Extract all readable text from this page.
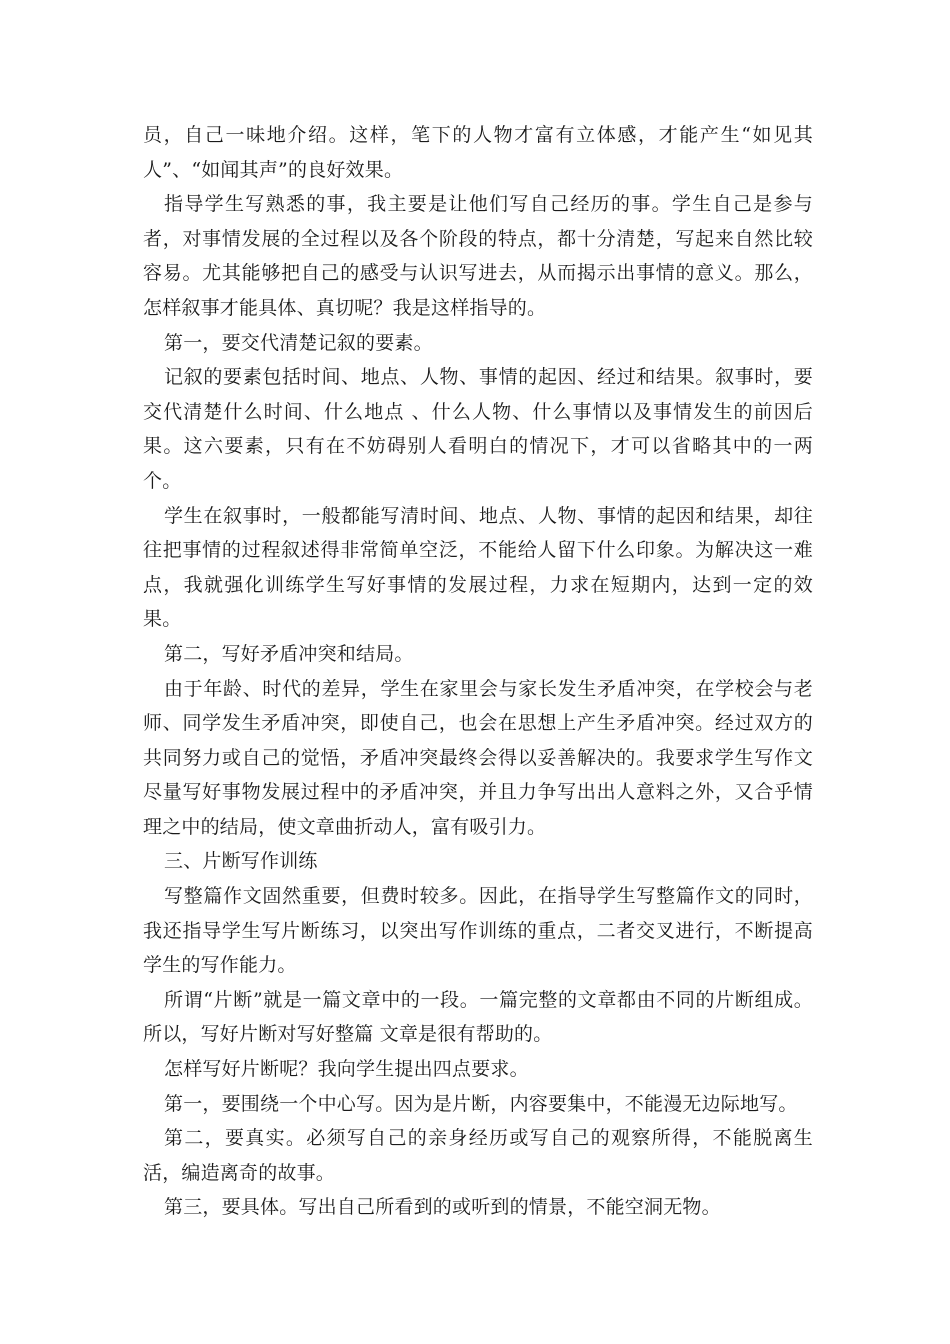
员，自己一味地介绍。这样，笔下的人物才富有立体感，才能产生“如见其人”、“如闻其声”的良好效果。

指导学生写熟悉的事，我主要是让他们写自己经历的事。学生自己是参与者，对事情发展的全过程以及各个阶段的特点，都十分清楚，写起来自然比较容易。尤其能够把自己的感受与认识写进去，从而揭示出事情的意义。那么，怎样叙事才能具体、真切呢？我是这样指导的。

第一，要交代清楚记叙的要素。

记叙的要素包括时间、地点、人物、事情的起因、经过和结果。叙事时，要交代清楚什么时间、什么地点 、什么人物、什么事情以及事情发生的前因后果。这六要素，只有在不妨碍别人看明白的情况下，才可以省略其中的一两个。

学生在叙事时，一般都能写清时间、地点、人物、事情的起因和结果，却往往把事情的过程叙述得非常简单空泛，不能给人留下什么印象。为解决这一难点，我就强化训练学生写好事情的发展过程，力求在短期内，达到一定的效果。

第二，写好矛盾冲突和结局。

由于年龄、时代的差异，学生在家里会与家长发生矛盾冲突，在学校会与老师、同学发生矛盾冲突，即使自己，也会在思想上产生矛盾冲突。经过双方的共同努力或自己的觉悟，矛盾冲突最终会得以妥善解决的。我要求学生写作文尽量写好事物发展过程中的矛盾冲突，并且力争写出出人意料之外，又合乎情理之中的结局，使文章曲折动人，富有吸引力。

三、片断写作训练

写整篇作文固然重要，但费时较多。因此，在指导学生写整篇作文的同时，我还指导学生写片断练习，以突出写作训练的重点，二者交叉进行，不断提高学生的写作能力。

所谓“片断”就是一篇文章中的一段。一篇完整的文章都由不同的片断组成。所以，写好片断对写好整篇 文章是很有帮助的。

怎样写好片断呢？我向学生提出四点要求。

第一，要围绕一个中心写。因为是片断，内容要集中，不能漫无边际地写。

第二，要真实。必须写自己的亲身经历或写自己的观察所得，不能脱离生活，编造离奇的故事。

第三，要具体。写出自己所看到的或听到的情景，不能空洞无物。
